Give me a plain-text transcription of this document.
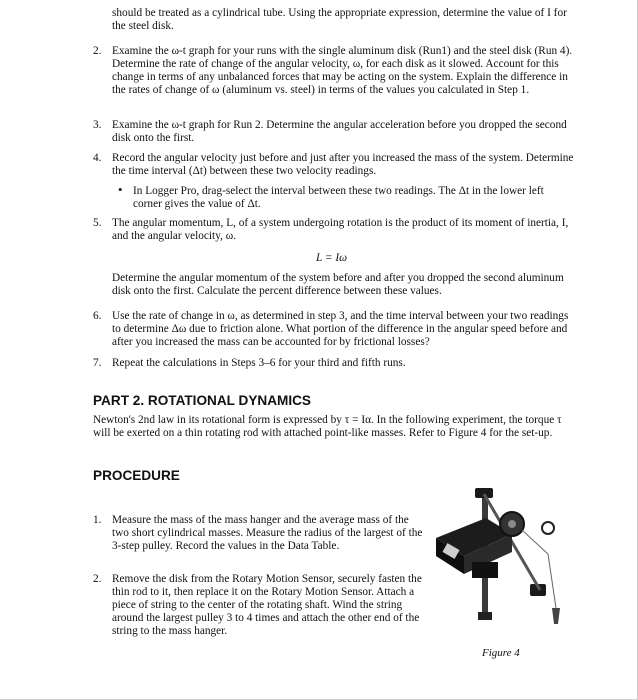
should be treated as a cylindrical tube. Using the appropriate expression, determine the value of I for the steel disk.

2. Examine the ω-t graph for your runs with the single aluminum disk (Run1) and the steel disk (Run 4). Determine the rate of change of the angular velocity, ω, for each disk as it slowed. Account for this change in terms of any unbalanced forces that may be acting on the system. Explain the difference in the rates of change of ω (aluminum vs. steel) in terms of the values you calculated in Step 1.

3. Examine the ω-t graph for Run 2. Determine the angular acceleration before you dropped the second disk onto the first.

4. Record the angular velocity just before and just after you increased the mass of the system. Determine the time interval (Δt) between these two velocity readings.

• In Logger Pro, drag-select the interval between these two readings. The Δt in the lower left corner gives the value of Δt.

5. The angular momentum, L, of a system undergoing rotation is the product of its moment of inertia, I, and the angular velocity, ω.

L = Iω

Determine the angular momentum of the system before and after you dropped the second aluminum disk onto the first. Calculate the percent difference between these values.

6. Use the rate of change in ω, as determined in step 3, and the time interval between your two readings to determine Δω due to friction alone. What portion of the difference in the angular speed before and after you increased the mass can be accounted for by frictional losses?

7. Repeat the calculations in Steps 3–6 for your third and fifth runs.

PART 2. ROTATIONAL DYNAMICS

Newton's 2nd law in its rotational form is expressed by τ = Iα. In the following experiment, the torque τ will be exerted on a thin rotating rod with attached point-like masses. Refer to Figure 4 for the set-up.

PROCEDURE
1. Measure the mass of the mass hanger and the average mass of the two short cylindrical masses. Measure the radius of the largest of the 3-step pulley. Record the values in the Data Table.

2. Remove the disk from the Rotary Motion Sensor, securely fasten the thin rod to it, then replace it on the Rotary Motion Sensor. Attach a piece of string to the center of the rotating shaft. Wind the string around the largest pulley 3 to 4 times and attach the other end of the string to the mass hanger.

Figure 4
